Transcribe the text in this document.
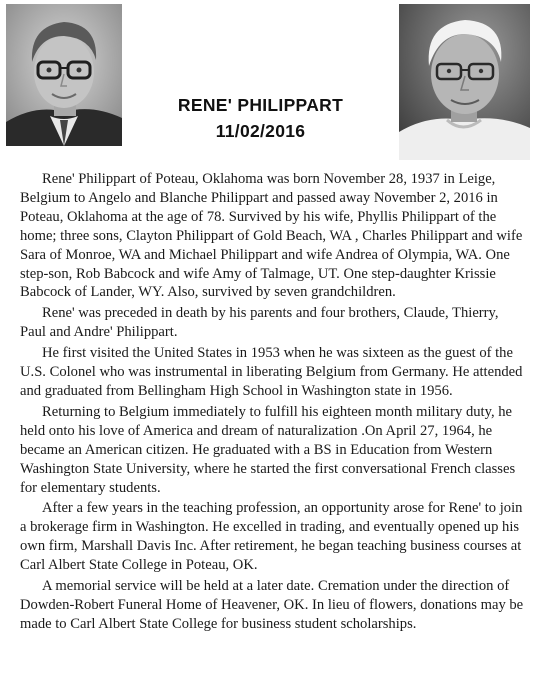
RENE' PHILIPPART
11/02/2016

Rene' Philippart of Poteau, Oklahoma was born November 28, 1937 in Leige, Belgium to Angelo and Blanche Philippart and passed away November 2, 2016 in Poteau, Oklahoma at the age of 78. Survived by his wife, Phyllis Philippart of the home; three sons, Clayton Philippart of Gold Beach, WA , Charles Philippart and wife Sara of Monroe, WA and Michael Philippart and wife Andrea of Olympia, WA. One step-son, Rob Babcock and wife Amy of Talmage, UT. One step-daughter Krissie Babcock of Lander, WY. Also, survived by seven grandchildren.

Rene' was preceded in death by his parents and four brothers, Claude, Thierry, Paul and Andre' Philippart.

He first visited the United States in 1953 when he was sixteen as the guest of the U.S. Colonel who was instrumental in liberating Belgium from Germany. He attended and graduated from Bellingham High School in Washington state in 1956.

Returning to Belgium immediately to fulfill his eighteen month military duty, he held onto his love of America and dream of naturalization .On April 27, 1964, he became an American citizen. He graduated with a BS in Education from Western Washington State University, where he started the first conversational French classes for elementary students.

After a few years in the teaching profession, an opportunity arose for Rene' to join a brokerage firm in Washington. He excelled in trading, and eventually opened up his own firm, Marshall Davis Inc. After retirement, he began teaching business courses at Carl Albert State College in Poteau, OK.

A memorial service will be held at a later date. Cremation under the direction of Dowden-Robert Funeral Home of Heavener, OK. In lieu of flowers, donations may be made to Carl Albert State College for business student scholarships.
